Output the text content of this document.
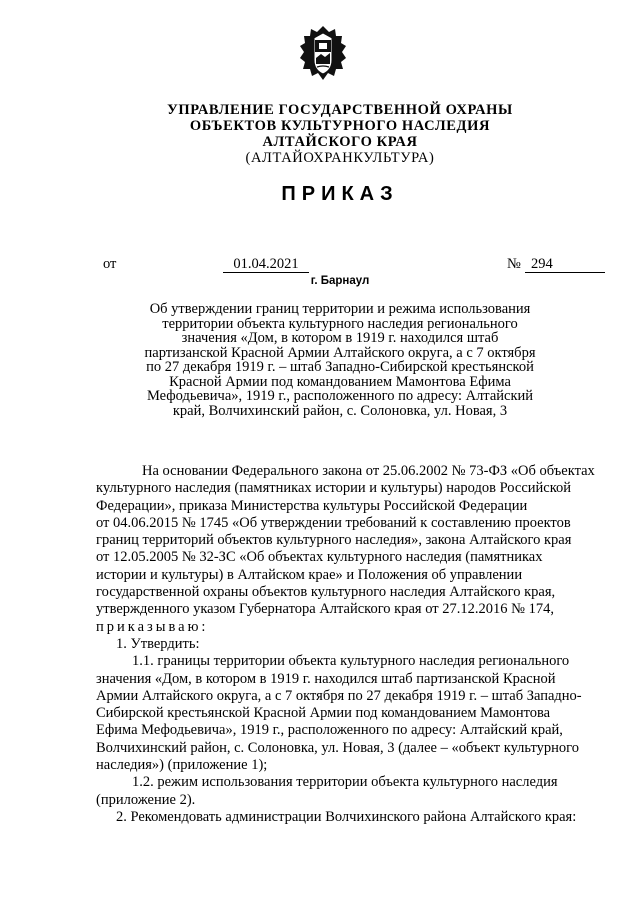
УПРАВЛЕНИЕ ГОСУДАРСТВЕННОЙ ОХРАНЫ
ОБЪЕКТОВ КУЛЬТУРНОГО НАСЛЕДИЯ
АЛТАЙСКОГО КРАЯ
(АЛТАЙОХРАНКУЛЬТУРА)
ПРИКАЗ
от	01.04.2021	№ 294
г. Барнаул
Об утверждении границ территории и режима использования
территории объекта культурного наследия регионального
значения «Дом, в котором в 1919 г. находился штаб
партизанской Красной Армии Алтайского округа, а с 7 октября
по 27 декабря 1919 г. – штаб Западно-Сибирской крестьянской
Красной Армии под командованием Мамонтова Ефима
Мефодьевича», 1919 г., расположенного по адресу: Алтайский
край, Волчихинский район, с. Солоновка, ул. Новая, 3
На основании Федерального закона от 25.06.2002 № 73-ФЗ «Об объектах
культурного наследия (памятниках истории и культуры) народов Российской
Федерации», приказа Министерства культуры Российской Федерации
от 04.06.2015 № 1745 «Об утверждении требований к составлению проектов
границ территорий объектов культурного наследия», закона Алтайского края
от 12.05.2005 № 32-ЗС «Об объектах культурного наследия (памятниках
истории и культуры) в Алтайском крае» и Положения об управлении
государственной охраны объектов культурного наследия Алтайского края,
утвержденного указом Губернатора Алтайского края от 27.12.2016 № 174,
приказываю:
1. Утвердить:
1.1. границы территории объекта культурного наследия регионального
значения «Дом, в котором в 1919 г. находился штаб партизанской Красной
Армии Алтайского округа, а с 7 октября по 27 декабря 1919 г. – штаб Западно-
Сибирской крестьянской Красной Армии под командованием Мамонтова
Ефима Мефодьевича», 1919 г., расположенного по адресу: Алтайский край,
Волчихинский район, с. Солоновка, ул. Новая, 3 (далее – «объект культурного
наследия») (приложение 1);
1.2. режим использования территории объекта культурного наследия
(приложение 2).
2. Рекомендовать администрации Волчихинского района Алтайского края:
